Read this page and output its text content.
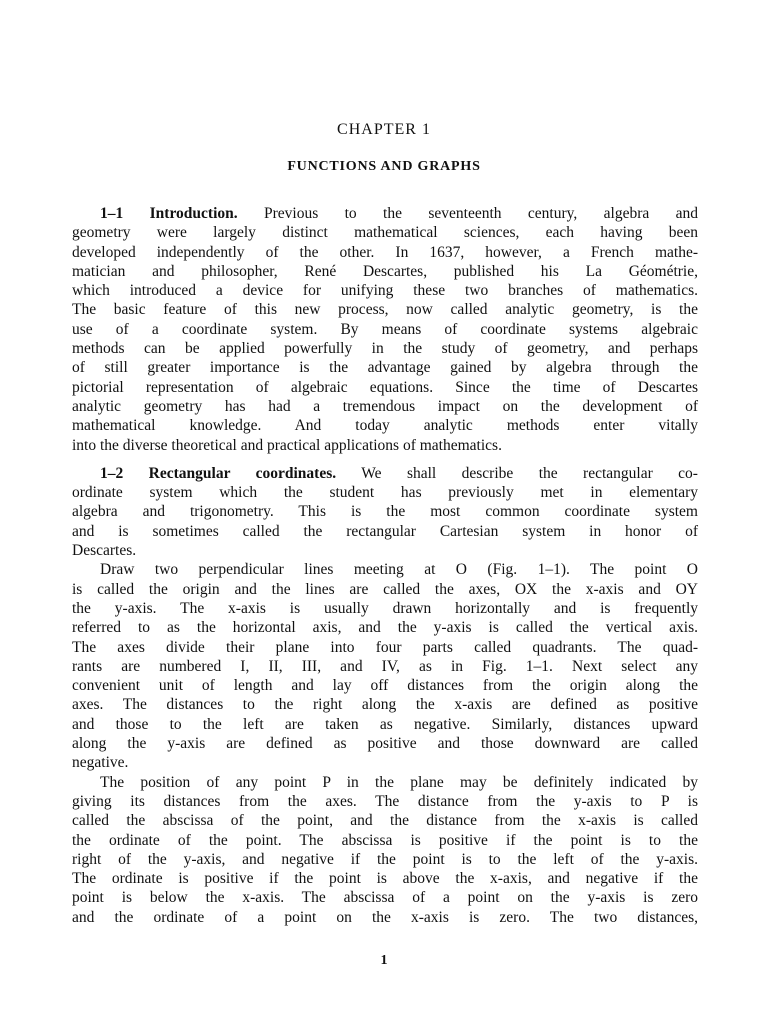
CHAPTER 1
FUNCTIONS AND GRAPHS
1–1 Introduction. Previous to the seventeenth century, algebra and
geometry were largely distinct mathematical sciences, each having been
developed independently of the other. In 1637, however, a French mathe-
matician and philosopher, René Descartes, published his La Géométrie,
which introduced a device for unifying these two branches of mathematics.
The basic feature of this new process, now called analytic geometry, is the
use of a coordinate system. By means of coordinate systems algebraic
methods can be applied powerfully in the study of geometry, and perhaps
of still greater importance is the advantage gained by algebra through the
pictorial representation of algebraic equations. Since the time of Descartes
analytic geometry has had a tremendous impact on the development of
mathematical knowledge. And today analytic methods enter vitally
into the diverse theoretical and practical applications of mathematics.
1–2 Rectangular coordinates. We shall describe the rectangular co-
ordinate system which the student has previously met in elementary
algebra and trigonometry. This is the most common coordinate system
and is sometimes called the rectangular Cartesian system in honor of
Descartes.
Draw two perpendicular lines meeting at O (Fig. 1–1). The point O
is called the origin and the lines are called the axes, OX the x-axis and OY
the y-axis. The x-axis is usually drawn horizontally and is frequently
referred to as the horizontal axis, and the y-axis is called the vertical axis.
The axes divide their plane into four parts called quadrants. The quad-
rants are numbered I, II, III, and IV, as in Fig. 1–1. Next select any
convenient unit of length and lay off distances from the origin along the
axes. The distances to the right along the x-axis are defined as positive
and those to the left are taken as negative. Similarly, distances upward
along the y-axis are defined as positive and those downward are called
negative.
The position of any point P in the plane may be definitely indicated by
giving its distances from the axes. The distance from the y-axis to P is
called the abscissa of the point, and the distance from the x-axis is called
the ordinate of the point. The abscissa is positive if the point is to the
right of the y-axis, and negative if the point is to the left of the y-axis.
The ordinate is positive if the point is above the x-axis, and negative if the
point is below the x-axis. The abscissa of a point on the y-axis is zero
and the ordinate of a point on the x-axis is zero. The two distances,
1
